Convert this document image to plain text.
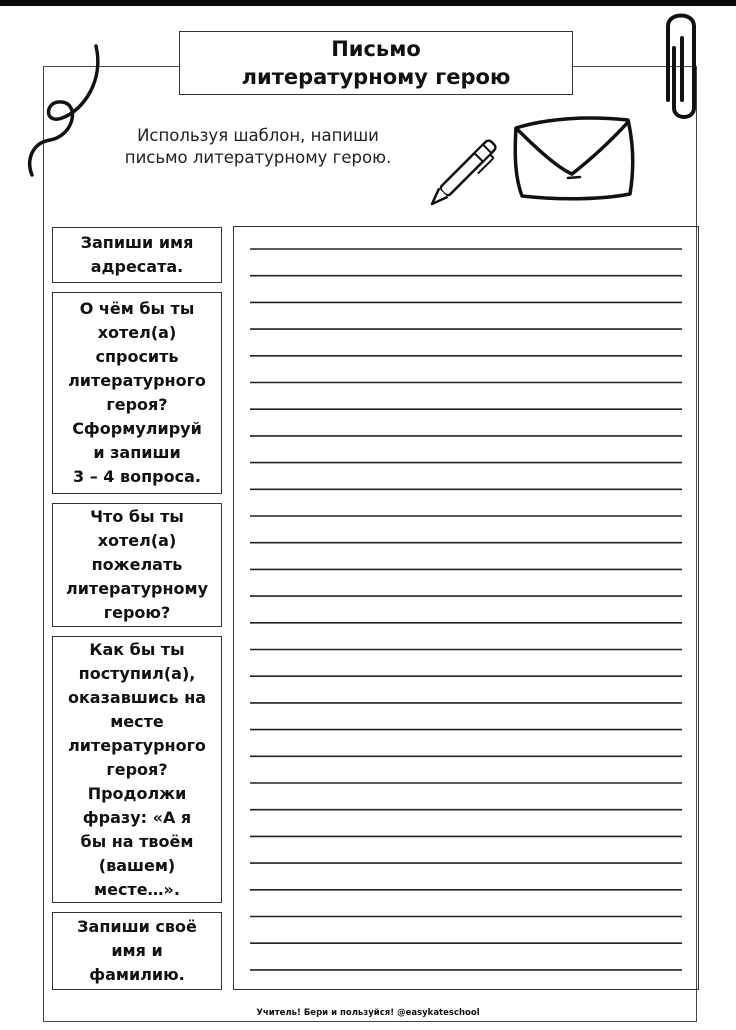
Письмо
литературному герою
Используя шаблон, напиши
письмо литературному герою.
Запиши имя
адресата.
О чём бы ты
хотел(а)
спросить
литературного
героя?
Сформулируй
и запиши
3 – 4 вопроса.
Что бы ты
хотел(а)
пожелать
литературному
герою?
Как бы ты
поступил(а),
оказавшись на
месте
литературного
героя?
Продолжи
фразу: «А я
бы на твоём
(вашем)
месте…».
Запиши своё
имя и
фамилию.
Учитель! Бери и пользуйся! @easykateschool
